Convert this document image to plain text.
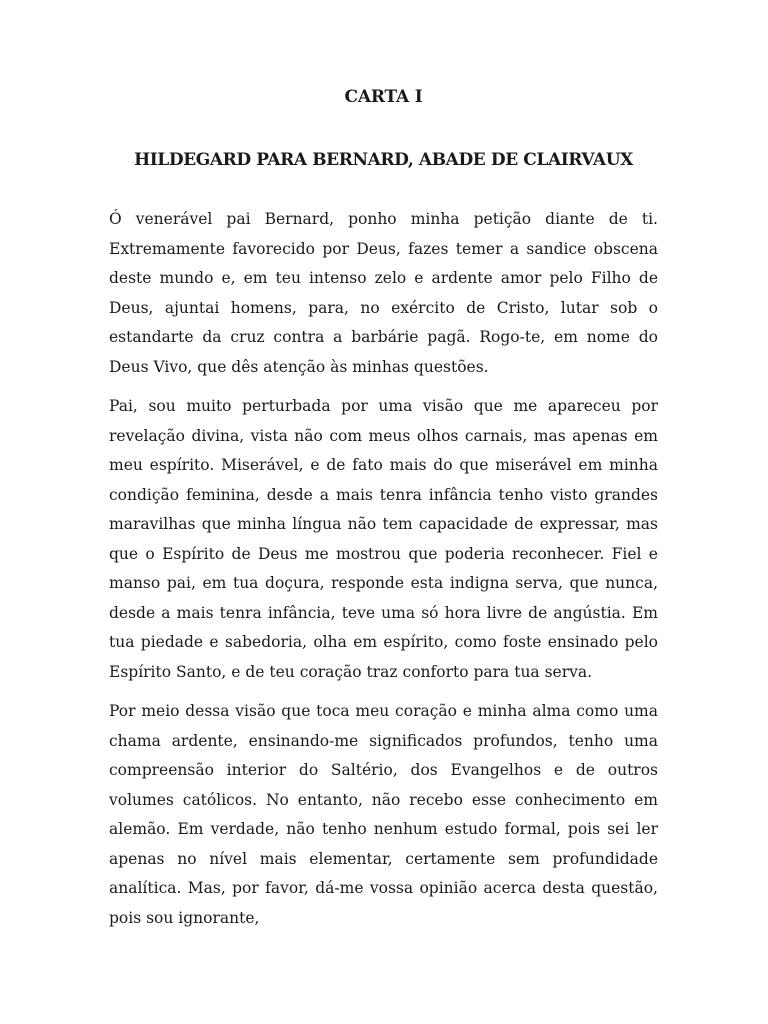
CARTA I
HILDEGARD PARA BERNARD, ABADE DE CLAIRVAUX

Ó venerável pai Bernard, ponho minha petição diante de ti. Extremamente favorecido por Deus, fazes temer a sandice obscena deste mundo e, em teu intenso zelo e ardente amor pelo Filho de Deus, ajuntai homens, para, no exército de Cristo, lutar sob o estandarte da cruz contra a barbárie pagã. Rogo-te, em nome do Deus Vivo, que dês atenção às minhas questões.

Pai, sou muito perturbada por uma visão que me apareceu por revelação divina, vista não com meus olhos carnais, mas apenas em meu espírito. Miserável, e de fato mais do que miserável em minha condição feminina, desde a mais tenra infância tenho visto grandes maravilhas que minha língua não tem capacidade de expressar, mas que o Espírito de Deus me mostrou que poderia reconhecer. Fiel e manso pai, em tua doçura, responde esta indigna serva, que nunca, desde a mais tenra infância, teve uma só hora livre de angústia. Em tua piedade e sabedoria, olha em espírito, como foste ensinado pelo Espírito Santo, e de teu coração traz conforto para tua serva.

Por meio dessa visão que toca meu coração e minha alma como uma chama ardente, ensinando-me significados profundos, tenho uma compreensão interior do Saltério, dos Evangelhos e de outros volumes católicos. No entanto, não recebo esse conhecimento em alemão. Em verdade, não tenho nenhum estudo formal, pois sei ler apenas no nível mais elementar, certamente sem profundidade analítica. Mas, por favor, dá-me vossa opinião acerca desta questão, pois sou ignorante,
